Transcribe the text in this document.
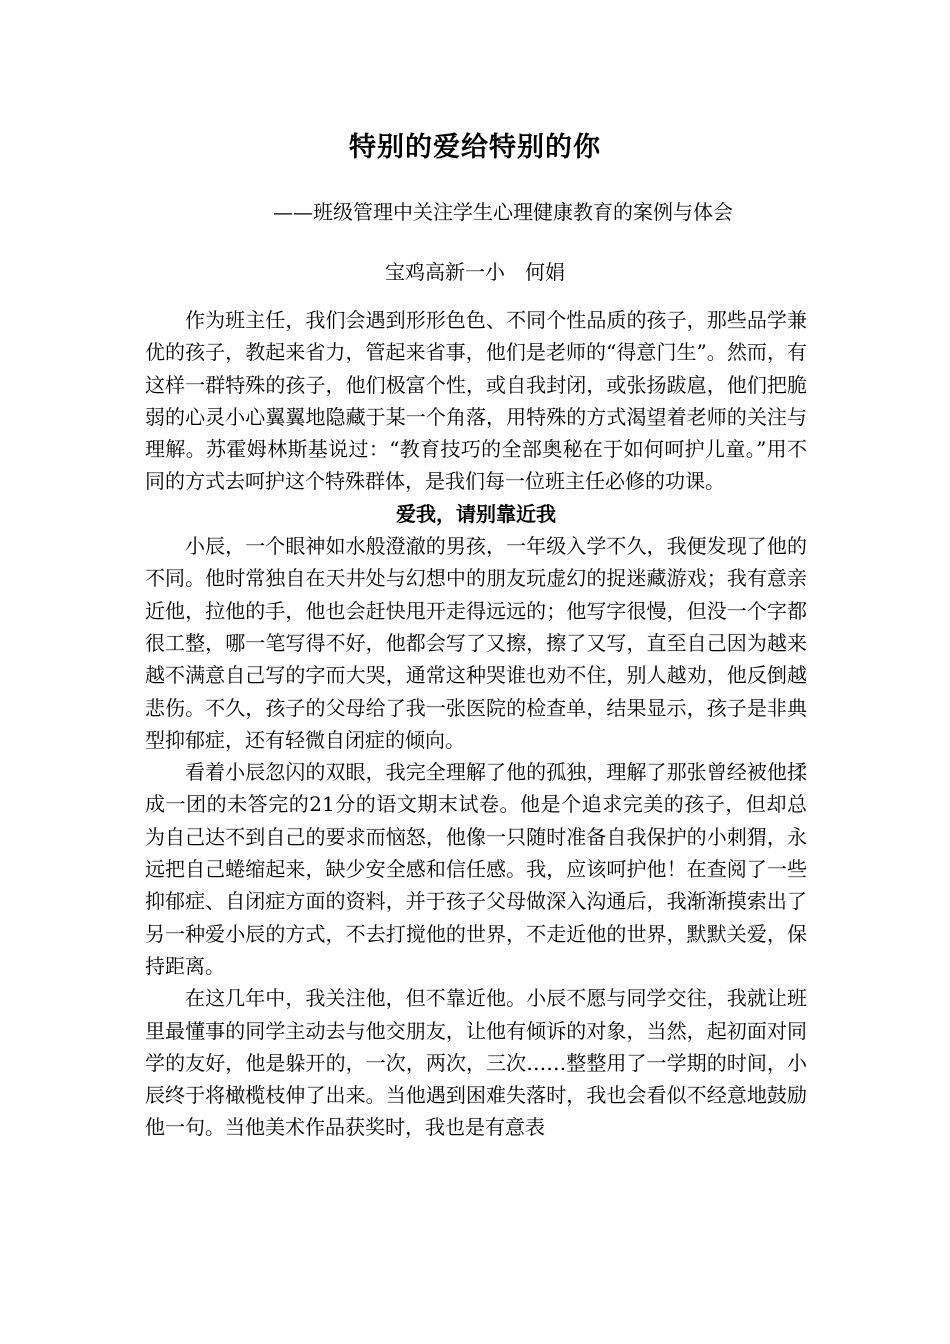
特别的爱给特别的你
——班级管理中关注学生心理健康教育的案例与体会
宝鸡高新一小　何娟

作为班主任，我们会遇到形形色色、不同个性品质的孩子，那些品学兼优的孩子，教起来省力，管起来省事，他们是老师的“得意门生”。然而，有这样一群特殊的孩子，他们极富个性，或自我封闭，或张扬跋扈，他们把脆弱的心灵小心翼翼地隐藏于某一个角落，用特殊的方式渴望着老师的关注与理解。苏霍姆林斯基说过：“教育技巧的全部奥秘在于如何呵护儿童。”用不同的方式去呵护这个特殊群体，是我们每一位班主任必修的功课。

爱我，请别靠近我

小辰，一个眼神如水般澄澈的男孩，一年级入学不久，我便发现了他的不同。他时常独自在天井处与幻想中的朋友玩虚幻的捉迷藏游戏；我有意亲近他，拉他的手，他也会赶快甩开走得远远的；他写字很慢，但没一个字都很工整，哪一笔写得不好，他都会写了又擦，擦了又写，直至自己因为越来越不满意自己写的字而大哭，通常这种哭谁也劝不住，别人越劝，他反倒越悲伤。不久，孩子的父母给了我一张医院的检查单，结果显示，孩子是非典型抑郁症，还有轻微自闭症的倾向。

看着小辰忽闪的双眼，我完全理解了他的孤独，理解了那张曾经被他揉成一团的未答完的21分的语文期末试卷。他是个追求完美的孩子，但却总为自己达不到自己的要求而恼怒，他像一只随时准备自我保护的小刺猬，永远把自己蜷缩起来，缺少安全感和信任感。我，应该呵护他！在查阅了一些抑郁症、自闭症方面的资料，并于孩子父母做深入沟通后，我渐渐摸索出了另一种爱小辰的方式，不去打搅他的世界，不走近他的世界，默默关爱，保持距离。

在这几年中，我关注他，但不靠近他。小辰不愿与同学交往，我就让班里最懂事的同学主动去与他交朋友，让他有倾诉的对象，当然，起初面对同学的友好，他是躲开的，一次，两次，三次……整整用了一学期的时间，小辰终于将橄榄枝伸了出来。当他遇到困难失落时，我也会看似不经意地鼓励他一句。当他美术作品获奖时，我也是有意表
